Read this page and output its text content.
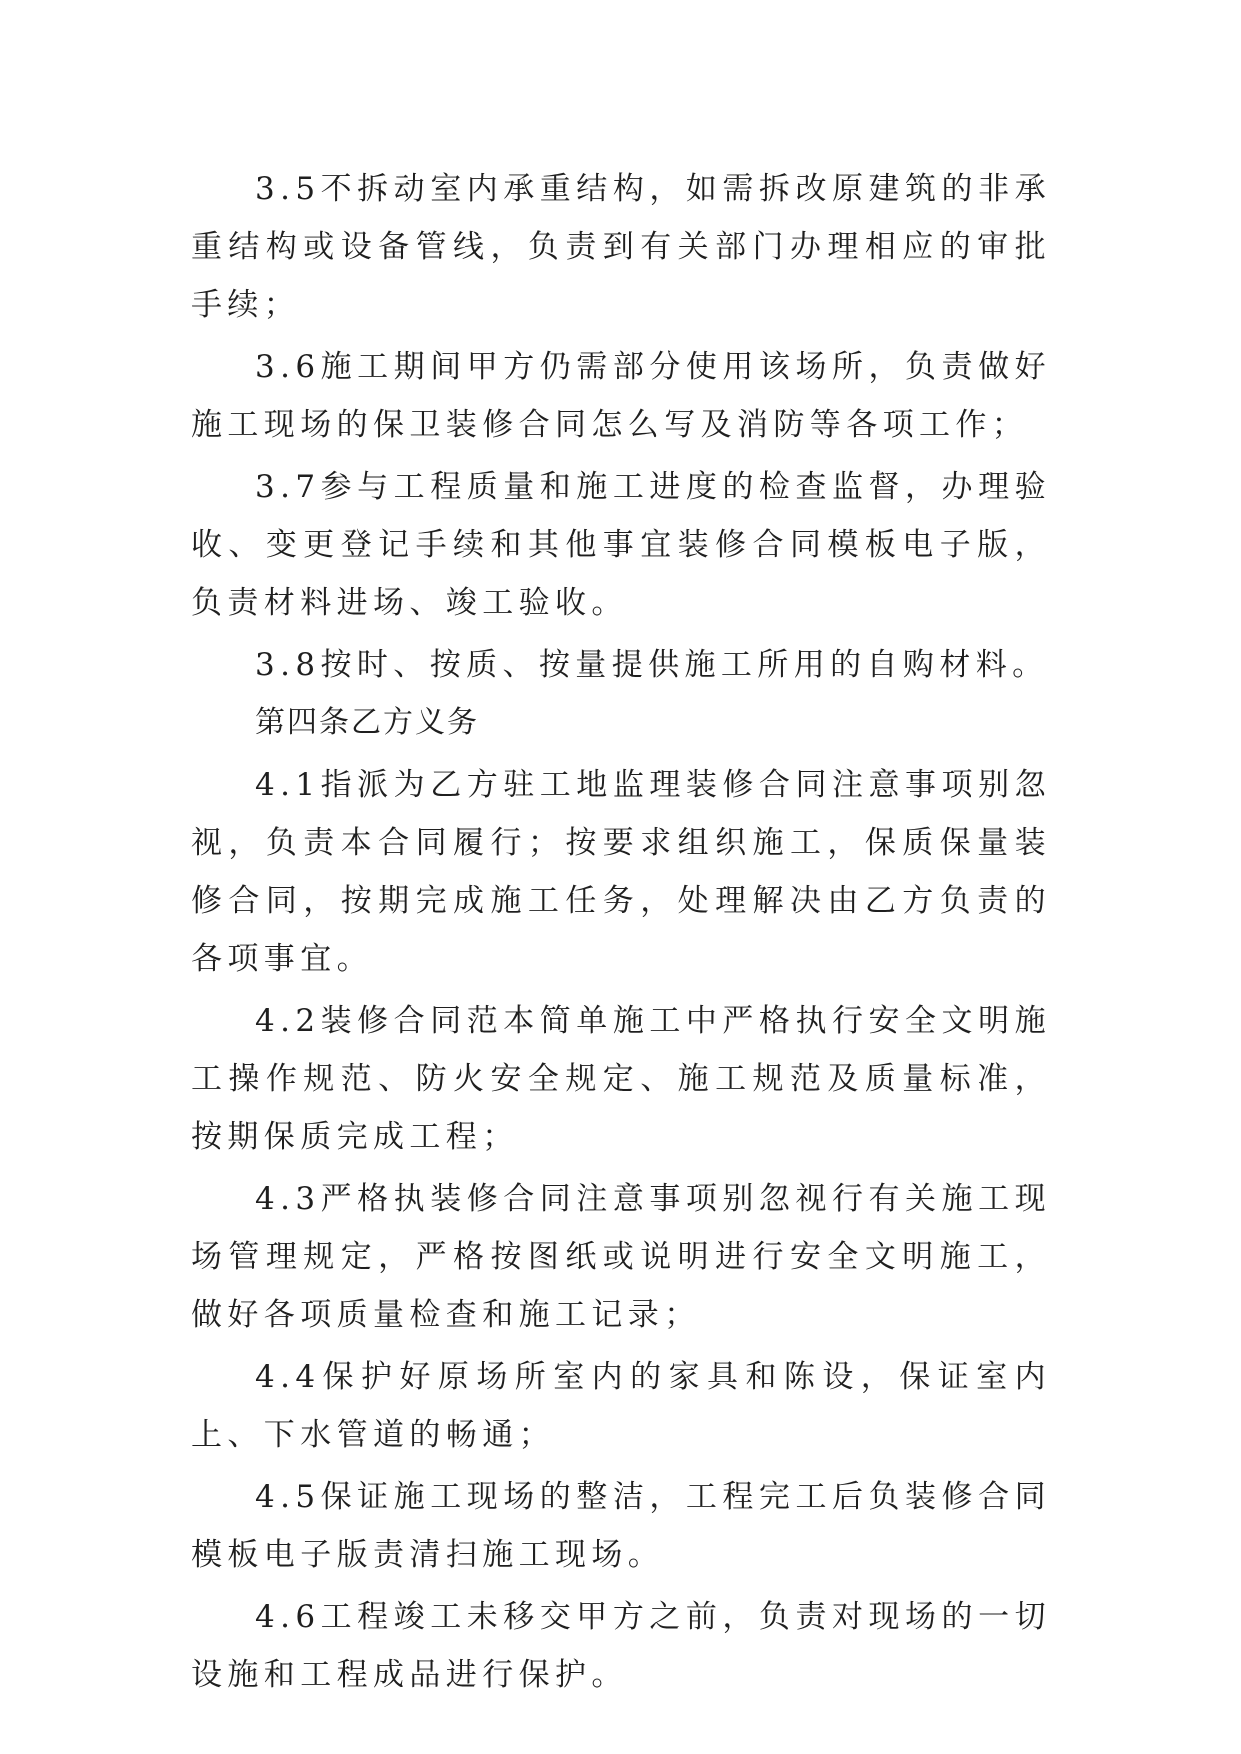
3.5不拆动室内承重结构，如需拆改原建筑的非承重结构或设备管线，负责到有关部门办理相应的审批手续；

3.6施工期间甲方仍需部分使用该场所，负责做好施工现场的保卫装修合同怎么写及消防等各项工作；

3.7参与工程质量和施工进度的检查监督，办理验收、变更登记手续和其他事宜装修合同模板电子版，负责材料进场、竣工验收。

3.8按时、按质、按量提供施工所用的自购材料。

第四条乙方义务

4.1指派为乙方驻工地监理装修合同注意事项别忽视，负责本合同履行；按要求组织施工，保质保量装修合同，按期完成施工任务，处理解决由乙方负责的各项事宜。

4.2装修合同范本简单施工中严格执行安全文明施工操作规范、防火安全规定、施工规范及质量标准，按期保质完成工程；

4.3严格执装修合同注意事项别忽视行有关施工现场管理规定，严格按图纸或说明进行安全文明施工，做好各项质量检查和施工记录；

4.4保护好原场所室内的家具和陈设，保证室内上、下水管道的畅通；

4.5保证施工现场的整洁，工程完工后负装修合同模板电子版责清扫施工现场。

4.6工程竣工未移交甲方之前，负责对现场的一切设施和工程成品进行保护。
